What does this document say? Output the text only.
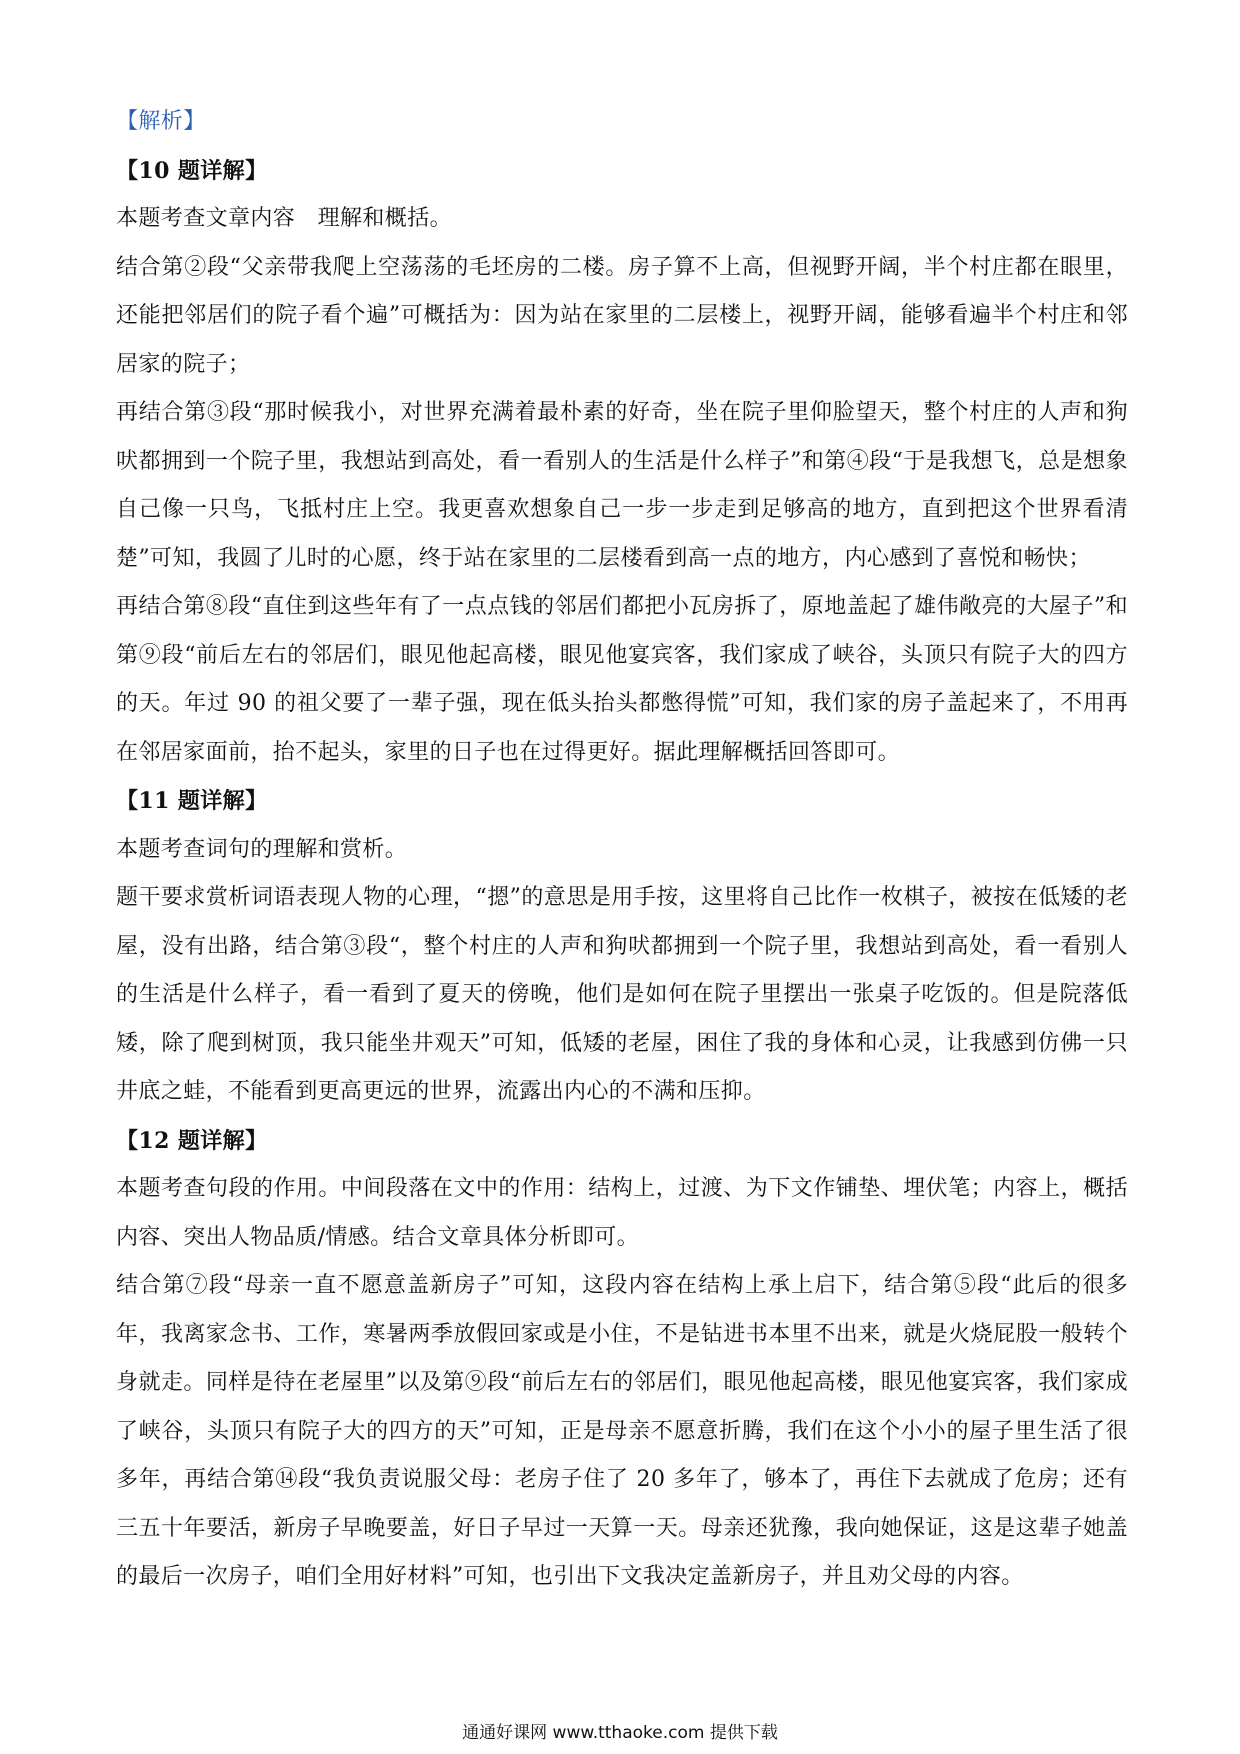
【解析】

【10 题详解】

本题考查文章内容　理解和概括。

结合第②段“父亲带我爬上空荡荡的毛坯房的二楼。房子算不上高，但视野开阔，半个村庄都在眼里，还能把邻居们的院子看个遍”可概括为：因为站在家里的二层楼上，视野开阔，能够看遍半个村庄和邻居家的院子；

再结合第③段“那时候我小，对世界充满着最朴素的好奇，坐在院子里仰脸望天，整个村庄的人声和狗吠都拥到一个院子里，我想站到高处，看一看别人的生活是什么样子”和第④段“于是我想飞，总是想象自己像一只鸟，飞抵村庄上空。我更喜欢想象自己一步一步走到足够高的地方，直到把这个世界看清楚”可知，我圆了儿时的心愿，终于站在家里的二层楼看到高一点的地方，内心感到了喜悦和畅快；

再结合第⑧段“直住到这些年有了一点点钱的邻居们都把小瓦房拆了，原地盖起了雄伟敞亮的大屋子”和第⑨段“前后左右的邻居们，眼见他起高楼，眼见他宴宾客，我们家成了峡谷，头顶只有院子大的四方的天。年过 90 的祖父要了一辈子强，现在低头抬头都憋得慌”可知，我们家的房子盖起来了，不用再在邻居家面前，抬不起头，家里的日子也在过得更好。据此理解概括回答即可。

【11 题详解】

本题考查词句的理解和赏析。

题干要求赏析词语表现人物的心理，“摁”的意思是用手按，这里将自己比作一枚棋子，被按在低矮的老屋，没有出路，结合第③段“，整个村庄的人声和狗吠都拥到一个院子里，我想站到高处，看一看别人的生活是什么样子，看一看到了夏天的傍晚，他们是如何在院子里摆出一张桌子吃饭的。但是院落低矮，除了爬到树顶，我只能坐井观天”可知，低矮的老屋，困住了我的身体和心灵，让我感到仿佛一只井底之蛙，不能看到更高更远的世界，流露出内心的不满和压抑。

【12 题详解】

本题考查句段的作用。中间段落在文中的作用：结构上，过渡、为下文作铺垫、埋伏笔；内容上，概括内容、突出人物品质/情感。结合文章具体分析即可。

结合第⑦段“母亲一直不愿意盖新房子”可知，这段内容在结构上承上启下，结合第⑤段“此后的很多年，我离家念书、工作，寒暑两季放假回家或是小住，不是钻进书本里不出来，就是火烧屁股一般转个身就走。同样是待在老屋里”以及第⑨段“前后左右的邻居们，眼见他起高楼，眼见他宴宾客，我们家成了峡谷，头顶只有院子大的四方的天”可知，正是母亲不愿意折腾，我们在这个小小的屋子里生活了很多年，再结合第⑭段“我负责说服父母：老房子住了 20 多年了，够本了，再住下去就成了危房；还有三五十年要活，新房子早晚要盖，好日子早过一天算一天。母亲还犹豫，我向她保证，这是这辈子她盖的最后一次房子，咱们全用好材料”可知，也引出下文我决定盖新房子，并且劝父母的内容。

通通好课网 www.tthaoke.com 提供下载
